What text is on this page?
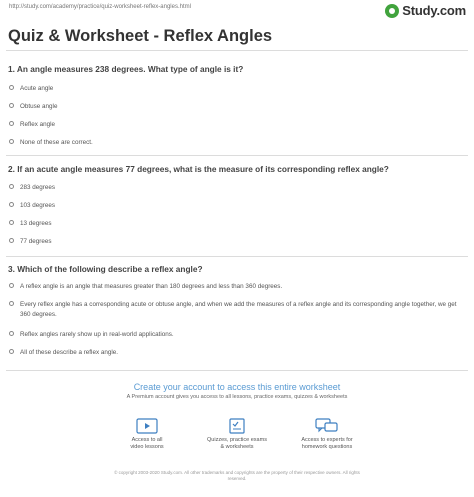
http://study.com/academy/practice/quiz-worksheet-reflex-angles.html	Study.com
Quiz & Worksheet - Reflex Angles
1. An angle measures 238 degrees. What type of angle is it?
Acute angle
Obtuse angle
Reflex angle
None of these are correct.
2. If an acute angle measures 77 degrees, what is the measure of its corresponding reflex angle?
283 degrees
103 degrees
13 degrees
77 degrees
3. Which of the following describe a reflex angle?
A reflex angle is an angle that measures greater than 180 degrees and less than 360 degrees.
Every reflex angle has a corresponding acute or obtuse angle, and when we add the measures of a reflex angle and its corresponding angle together, we get 360 degrees.
Reflex angles rarely show up in real-world applications.
All of these describe a reflex angle.
Create your account to access this entire worksheet
A Premium account gives you access to all lessons, practice exams, quizzes & worksheets
Access to all
video lessons
Quizzes, practice exams
& worksheets
Access to experts for
homework questions
© copyright 2003-2020 Study.com. All other trademarks and copyrights are the property of their respective owners. All rights
reserved.
